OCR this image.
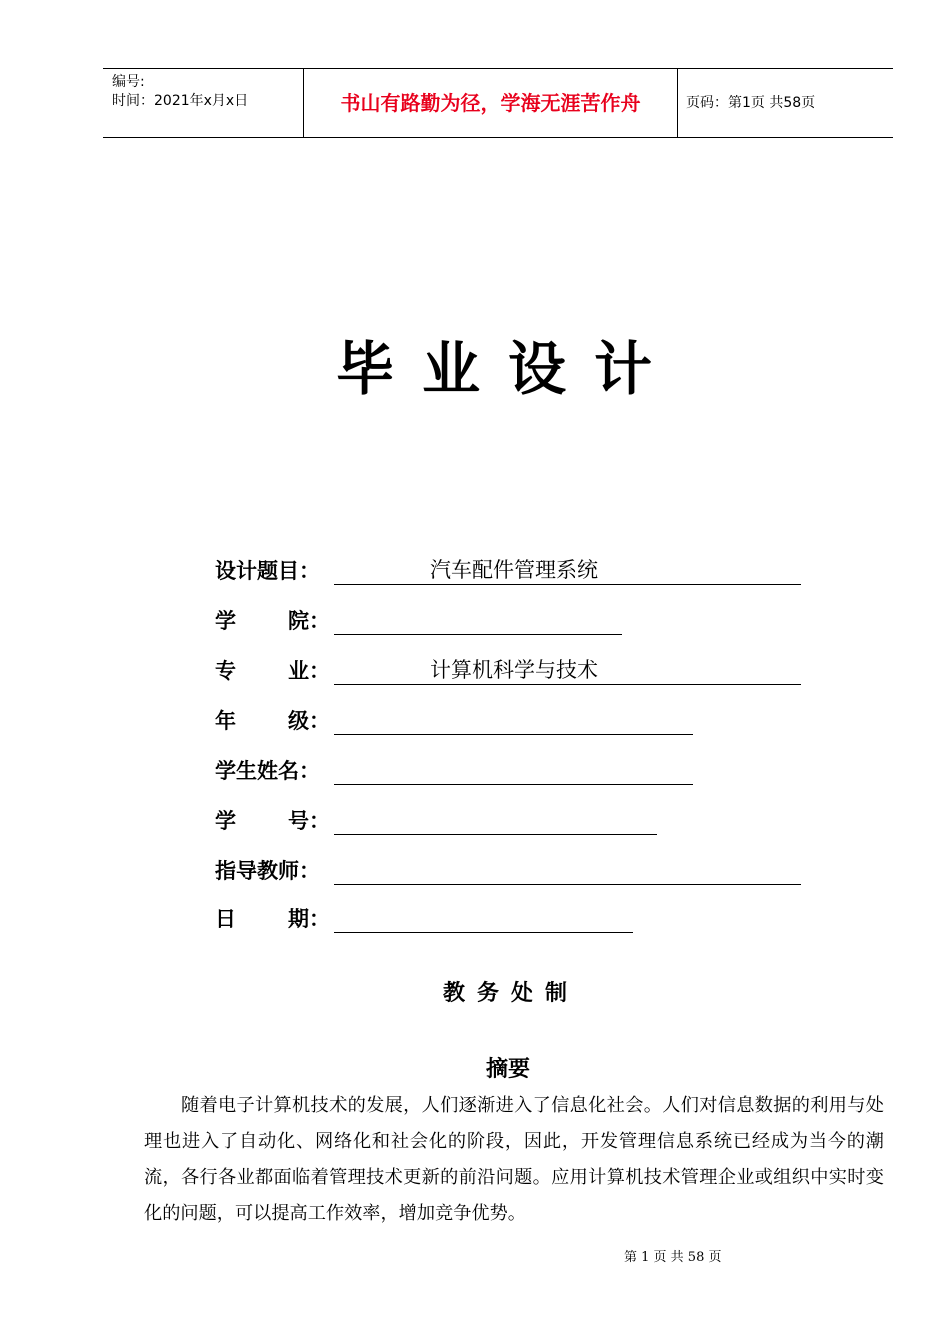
编号:
时间：2021年x月x日	书山有路勤为径，学海无涯苦作舟	页码：第1页 共58页
毕业设计
设计题目：	汽车配件管理系统
学 院：
专 业：	计算机科学与技术
年 级：
学生姓名：
学 号：
指导教师：
日 期：
教务处制
摘要
随着电子计算机技术的发展，人们逐渐进入了信息化社会。人们对信息数据的利用与处理也进入了自动化、网络化和社会化的阶段，因此，开发管理信息系统已经成为当今的潮流，各行各业都面临着管理技术更新的前沿问题。应用计算机技术管理企业或组织中实时变化的问题，可以提高工作效率，增加竞争优势。
第 1 页 共 58 页
